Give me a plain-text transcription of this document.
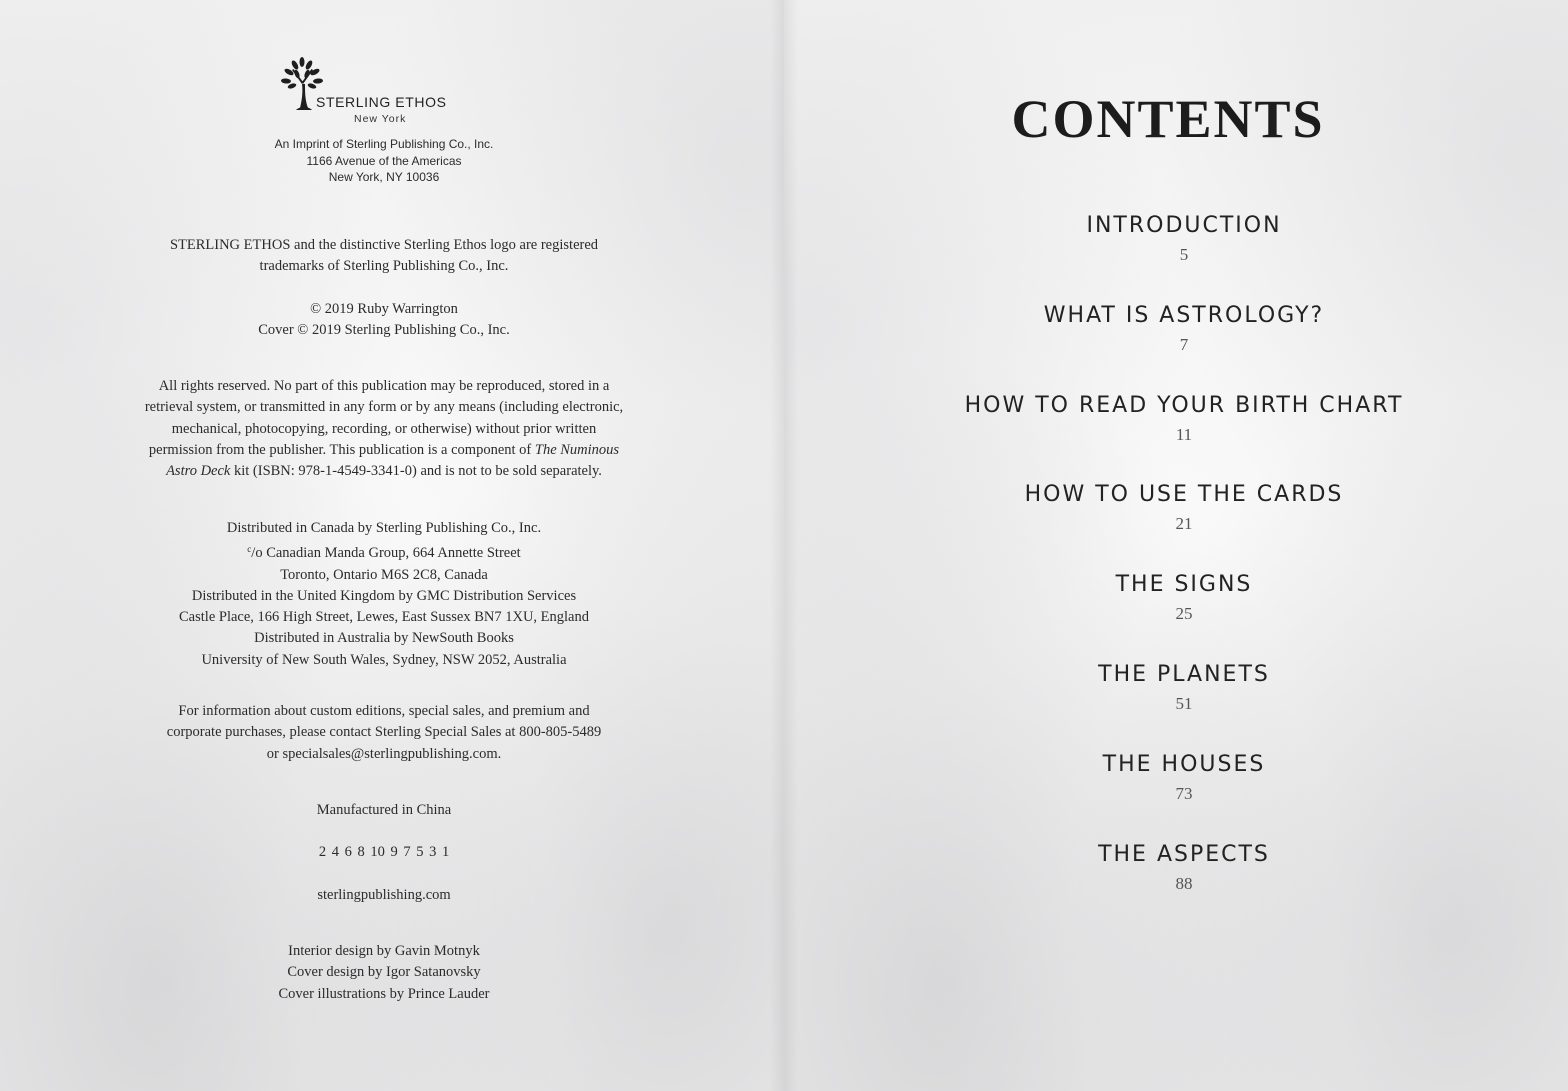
STERLING ETHOS
New York
An Imprint of Sterling Publishing Co., Inc.
1166 Avenue of the Americas
New York, NY 10036
STERLING ETHOS and the distinctive Sterling Ethos logo are registered
trademarks of Sterling Publishing Co., Inc.
© 2019 Ruby Warrington
Cover © 2019 Sterling Publishing Co., Inc.
All rights reserved. No part of this publication may be reproduced, stored in a
retrieval system, or transmitted in any form or by any means (including electronic,
mechanical, photocopying, recording, or otherwise) without prior written
permission from the publisher. This publication is a component of The Numinous
Astro Deck kit (ISBN: 978-1-4549-3341-0) and is not to be sold separately.
Distributed in Canada by Sterling Publishing Co., Inc.
$^c$/o Canadian Manda Group, 664 Annette Street
Toronto, Ontario M6S 2C8, Canada
Distributed in the United Kingdom by GMC Distribution Services
Castle Place, 166 High Street, Lewes, East Sussex BN7 1XU, England
Distributed in Australia by NewSouth Books
University of New South Wales, Sydney, NSW 2052, Australia
For information about custom editions, special sales, and premium and
corporate purchases, please contact Sterling Special Sales at 800-805-5489
or specialsales@sterlingpublishing.com.
Manufactured in China
2 4 6 8 10 9 7 5 3 1
sterlingpublishing.com
Interior design by Gavin Motnyk
Cover design by Igor Satanovsky
Cover illustrations by Prince Lauder
CONTENTS
INTRODUCTION
5
WHAT IS ASTROLOGY?
7
HOW TO READ YOUR BIRTH CHART
11
HOW TO USE THE CARDS
21
THE SIGNS
25
THE PLANETS
51
THE HOUSES
73
THE ASPECTS
88
